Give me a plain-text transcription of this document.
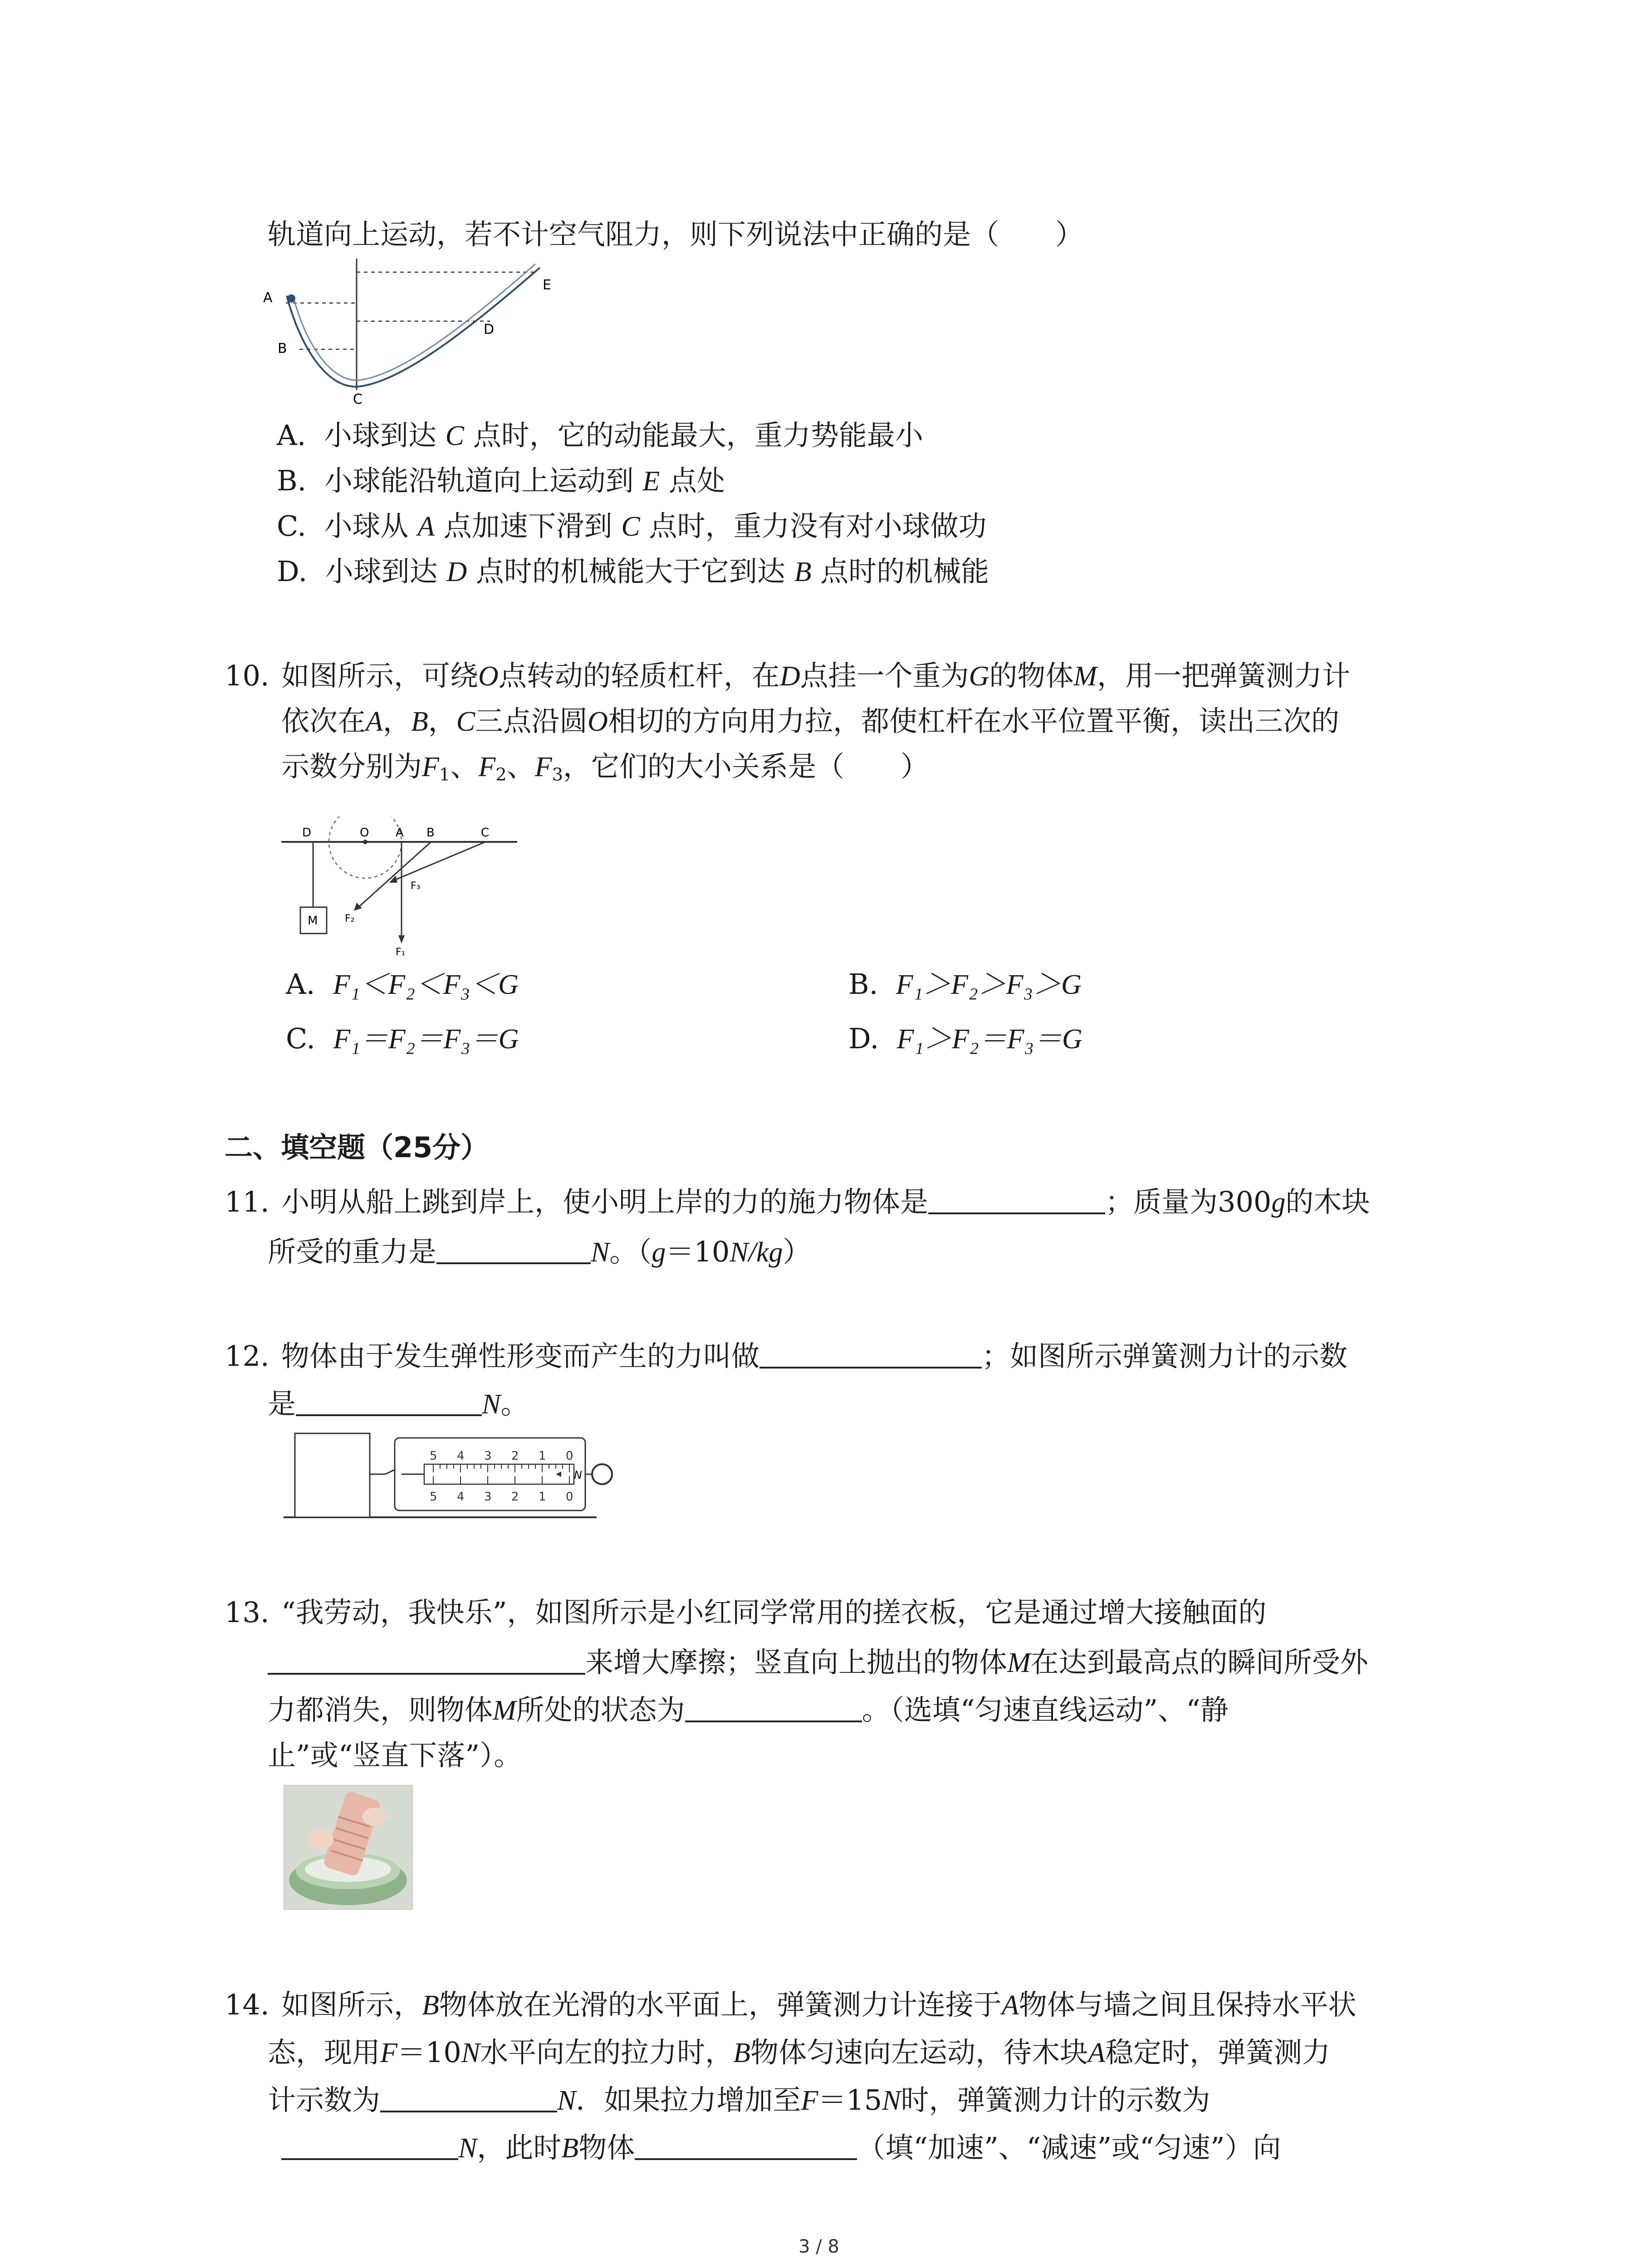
轨道向上运动，若不计空气阻力，则下列说法中正确的是（　　）
A
B
C
D
E
A. 小球到达 C 点时，它的动能最大，重力势能最小
B. 小球能沿轨道向上运动到 E 点处
C. 小球从 A 点加速下滑到 C 点时，重力没有对小球做功
D. 小球到达 D 点时的机械能大于它到达 B 点时的机械能
10. 如图所示，可绕O点转动的轻质杠杆，在D点挂一个重为G的物体M，用一把弹簧测力计
依次在A，B，C三点沿圆O相切的方向用力拉，都使杠杆在水平位置平衡，读出三次的
示数分别为$F_1$、$F_2$、$F_3$，它们的大小关系是（　　）
D	O A B	C
M
F₁
F₂
F₃
A. F₁＜F₂＜F₃＜G	B. F₁＞F₂＞F₃＞G
C. F₁＝F₂＝F₃＝G	D. F₁＞F₂＝F₃＝G
二、填空题（25分）
11. 小明从船上跳到岸上，使小明上岸的力的施力物体是	；质量为300g的木块
所受的重力是	N。（g＝10N/kg）
12. 物体由于发生弹性形变而产生的力叫做	；如图所示弹簧测力计的示数
是	N。
5 4 3 2 1 0
5 4 3 2 1 0
N
13. “我劳动，我快乐”，如图所示是小红同学常用的搓衣板，它是通过增大接触面的
来增大摩擦；竖直向上抛出的物体M在达到最高点的瞬间所受外
力都消失，则物体M所处的状态为	。（选填“匀速直线运动”、“静
止”或“竖直下落”）。
14. 如图所示，B物体放在光滑的水平面上，弹簧测力计连接于A物体与墙之间且保持水平状
态，现用F＝10N水平向左的拉力时，B物体匀速向左运动，待木块A稳定时，弹簧测力
计示数为	N．如果拉力增加至F＝15N时，弹簧测力计的示数为
N，此时B物体	（填“加速”、“减速”或“匀速”）向
3 / 8
